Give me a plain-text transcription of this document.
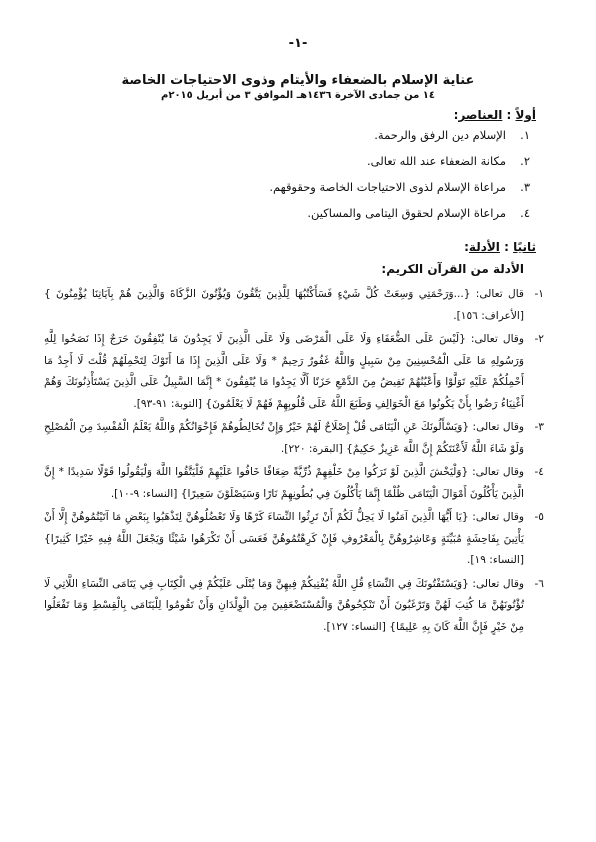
-١-
عناية الإسلام بالضعفاء والأيتام وذوى الاحتياجات الخاصة
١٤ من جمادى الآخرة ١٤٣٦هـ الموافق ٣ من أبريل ٢٠١٥م
أولاً : العناصر:
١.
الإسلام دين الرفق والرحمة.
٢.
مكانة الضعفاء عند الله تعالى.
٣.
مراعاة الإسلام لذوى الاحتياجات الخاصة وحقوقهم.
٤.
مراعاة الإسلام لحقوق اليتامى والمساكين.
ثانيًا : الأدلة:
الأدلة من القرآن الكريم:
١-
قال تعالى: {...وَرَحْمَتِي وَسِعَتْ كُلَّ شَيْءٍ فَسَأَكْتُبُهَا لِلَّذِينَ يَتَّقُونَ وَيُؤْتُونَ الزَّكَاةَ وَالَّذِينَ هُمْ بِآيَاتِنَا يُؤْمِنُونَ } [الأعراف: ١٥٦].
٢-
وقال تعالى: {لَيْسَ عَلَى الضُّعَفَاءِ وَلَا عَلَى الْمَرْضَى وَلَا عَلَى الَّذِينَ لَا يَجِدُونَ مَا يُنْفِقُونَ حَرَجٌ إِذَا نَصَحُوا لِلَّهِ وَرَسُولِهِ مَا عَلَى الْمُحْسِنِينَ مِنْ سَبِيلٍ وَاللَّهُ غَفُورٌ رَحِيمٌ * وَلَا عَلَى الَّذِينَ إِذَا مَا أَتَوْكَ لِتَحْمِلَهُمْ قُلْتَ لَا أَجِدُ مَا أَحْمِلُكُمْ عَلَيْهِ تَوَلَّوْا وَأَعْيُنُهُمْ تَفِيضُ مِنَ الدَّمْعِ حَزَنًا أَلَّا يَجِدُوا مَا يُنْفِقُونَ * إِنَّمَا السَّبِيلُ عَلَى الَّذِينَ يَسْتَأْذِنُونَكَ وَهُمْ أَغْنِيَاءُ رَضُوا بِأَنْ يَكُونُوا مَعَ الْخَوَالِفِ وَطَبَعَ اللَّهُ عَلَى قُلُوبِهِمْ فَهُمْ لَا يَعْلَمُونَ} [التوبة: ٩١-٩٣].
٣-
وقال تعالى: {وَيَسْأَلُونَكَ عَنِ الْيَتَامَى قُلْ إِصْلَاحٌ لَهُمْ خَيْرٌ وَإِنْ تُخَالِطُوهُمْ فَإِخْوَانُكُمْ وَاللَّهُ يَعْلَمُ الْمُفْسِدَ مِنَ الْمُصْلِحِ وَلَوْ شَاءَ اللَّهُ لَأَعْنَتَكُمْ إِنَّ اللَّهَ عَزِيزٌ حَكِيمٌ} [البقرة: ٢٢٠].
٤-
وقال تعالى: {وَلْيَخْشَ الَّذِينَ لَوْ تَرَكُوا مِنْ خَلْفِهِمْ ذُرِّيَّةً ضِعَافًا خَافُوا عَلَيْهِمْ فَلْيَتَّقُوا اللَّهَ وَلْيَقُولُوا قَوْلًا سَدِيدًا * إِنَّ الَّذِينَ يَأْكُلُونَ أَمْوَالَ الْيَتَامَى ظُلْمًا إِنَّمَا يَأْكُلُونَ فِي بُطُونِهِمْ نَارًا وَسَيَصْلَوْنَ سَعِيرًا} [النساء: ٩-١٠].
٥-
وقال تعالى: {يَا أَيُّهَا الَّذِينَ آمَنُوا لَا يَحِلُّ لَكُمْ أَنْ تَرِثُوا النِّسَاءَ كَرْهًا وَلَا تَعْضُلُوهُنَّ لِتَذْهَبُوا بِبَعْضِ مَا آتَيْتُمُوهُنَّ إِلَّا أَنْ يَأْتِينَ بِفَاحِشَةٍ مُبَيِّنَةٍ وَعَاشِرُوهُنَّ بِالْمَعْرُوفِ فَإِنْ كَرِهْتُمُوهُنَّ فَعَسَى أَنْ تَكْرَهُوا شَيْئًا وَيَجْعَلَ اللَّهُ فِيهِ خَيْرًا كَثِيرًا} [النساء: ١٩].
٦-
وقال تعالى: {وَيَسْتَفْتُونَكَ فِي النِّسَاءِ قُلِ اللَّهُ يُفْتِيكُمْ فِيهِنَّ وَمَا يُتْلَى عَلَيْكُمْ فِي الْكِتَابِ فِي يَتَامَى النِّسَاءِ اللَّاتِي لَا تُؤْتُونَهُنَّ مَا كُتِبَ لَهُنَّ وَتَرْغَبُونَ أَنْ تَنْكِحُوهُنَّ وَالْمُسْتَضْعَفِينَ مِنَ الْوِلْدَانِ وَأَنْ تَقُومُوا لِلْيَتَامَى بِالْقِسْطِ وَمَا تَفْعَلُوا مِنْ خَيْرٍ فَإِنَّ اللَّهَ كَانَ بِهِ عَلِيمًا} [النساء: ١٢٧].
